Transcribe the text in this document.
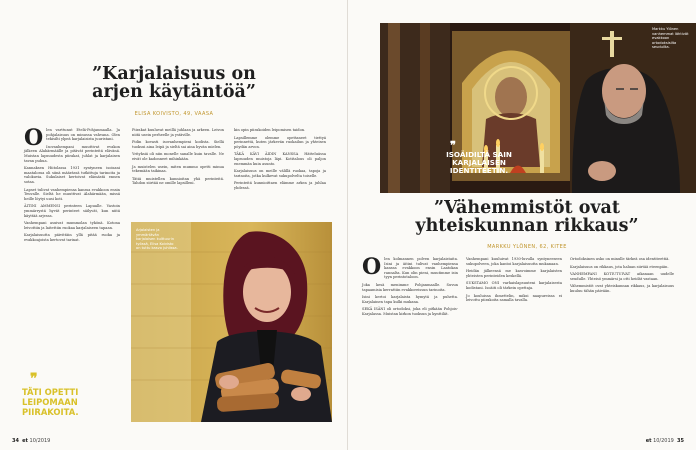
”Karjalaisuus on
arjen käytäntöä”
ELISA KOIVISTO, 49, VAASA
O len varttunut Etelä-Pohjanmaalla. Ja pohjalaisuus on minussa vahvana. Olen tekisilti ylpeä karjalaisista juuristani.

Isovanhempani muuttivat evakon jälkeen Alahärmäälle ja pitävät perinteitä elävänä. Muistan lapsuudesta piirakat, juhlat ja karjalaisen tavan puhua.

Kannaksen Hiitolassa 1931 syntyneen isoisani maatalossa oli siinä määrässä tutkittuja tarinoita ja valokuvia. Sukulaiset kertoivat elämästä ennen sotaa.

Lapset tulivat vanhempiensa kanssa evakkoon ensin Teuvalle. Sieltä he muuttivat Alahärmään, missä heille löytyi uusi koti.

ÄITINI AMMENSI perinteen Lapualle. Vastoin ymmärrystä hyvät perinteet säilyvät, kun niitä käyttää arjessa.

Vanhempani asuivat mummolan tykönä. Kotona leivottiin ja laitettiin ruokaa karjalaiseen tapaan.

Karjalaisuutta päivittäin yllä pitää ruoka ja evakkoajoista kertovat tarinat.

Piirakat kuuluvat meillä juhlaan ja arkeen. Leivon niitä usein perheelle ja ystäville.

Pidin kovasti isovanhempieni kodista. Siellä tuoksui aina leipä ja sieltä sai aina hyvän mielen.

Yrityksiä oli niin monelle sanalle kuin tavalle. Ne eivät ole kadonneet mihinkään.

Ja muistelen usein, miten mummo opetti minua tekemään taikinaa.

Tätiä muistellen kunnioitan yhä perinteitä. Tahdon siirtää ne omille lapsilleni.

kin opin piirakoiden leipomisen taidon.

Lapsillemme olemme opettaneet tiettyä perinnettä, kuten järkevän ruokailun ja yhteisen pöydän arvon.

TÄKÄ KÄVI ÄIDIN KANSSA Hätteluässa lapsuuden muistoja läpi. Kotitalous oli paljon enemmän kuin asunto.

Karjalaisuus on meille välillä ruokaa, tapoja ja tarinoita, jotka kulkevat sukupolvelta toiselle.

Perinteitä kunnioittaen elämme arkea ja juhlaa yhdessä.

Arjalaisten ja ymmärtävän karjalaisen kulttuurin työssä, Elisa Koivisto on tuttu kasvo juhlissa.
❞
TÄTI OPETTI LEIPOMAAN PIIRAKOITA.
34 et 10/2019
Markku Ylönen vanhemmat lähtivät evakkoon ortodoksisilta seuduilta.
❞
ISOÄIDILTÄ SAIN KARJALAISEN IDENTITEETIN.
”Vähemmistöt ovat
yhteiskunnan rikkaus”
MARKKU YLÖNEN, 62, KITEE
O len kolmannen polven karjalaistaita. Isini ja äitini tulivat vanhempiensa kanssa evakkoon ensin Laatokan rannalta. Kun olin pieni, muutimme isin tyyn perintotaloon.

Joka kesä menimme Pohjanmaalle. Suvun tapaamisia kerrattiin evakkoreissun tarinoita.

Isini kertoi karjalaista hymytä ja puhetta. Karjalainen tapa kulki mukana.

SEKÄ ISÄNI oli ortodoksi, joka eli pitkään Pohjois-Karjalassa. Muistan kirkon tuoksun ja kynttilät.

Vanhempani kuuluivat 1930-luvulla syntyneeseen sukupolveen, joka kantoi karjalaisuutta mukanaan.

Heidän jälkeensä me kasvoimme karjalaisten yhteisten perinteiden keskellä.

SUKSTAMO ONI varhaislapsuuteni karjalaisesta kodistani. Isoäiti oli tärkein opettaja.

Jo kouluissa ihmettelin, miksi naapureissa ei leivottu piirakoita samalla tavalla.

Ortodoksinen usko on minulle tärkeä osa identiteettiä.

Karjalaisuus on rikkaus, jota haluan siirtää eteenpäin.

VANHEMPANI KOTIUTUIVAT aikanaan uudelle seudulle. Yhteisö ymmärsi ja otti heidät vastaan.

Vähemmistöt ovat yhteiskunnan rikkaus, ja karjalaisuus kuuluu tähän päivään.

et 10/2019 35
